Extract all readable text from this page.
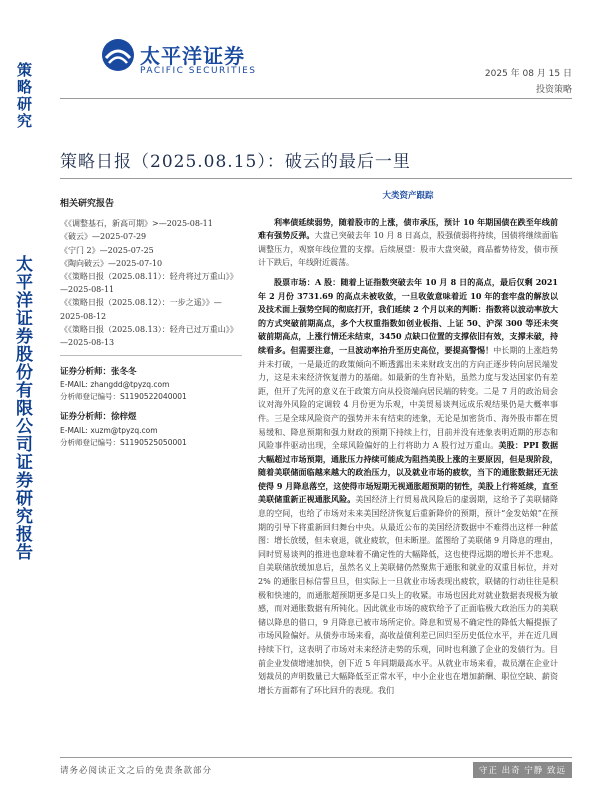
策略研究
太平洋证券股份有限公司证券研究报告
太平洋证券
PACIFIC SECURITIES	2025 年 08 月 15 日
投资策略
策略日报（2025.08.15）：破云的最后一里
相关研究报告
《《调整基石，新高可期》>—2025-08-11
《破云》—2025-07-29
《宁门 2》—2025-07-25
《陶向破云》—2025-07-10
《《策略日报（2025.08.11）：轻舟将过万重山》》—2025-08-11
《《策略日报（2025.08.12）：一步之遥》》—2025-08-12
《《策略日报（2025.08.13）：轻舟已过万重山》》—2025-08-13
证券分析师：张冬冬
E-MAIL: zhangdd@tpyzq.com
分析师登记编号：S1190522040001
证券分析师：徐梓煜
E-MAIL: xuzm@tpyzq.com
分析师登记编号：S1190525050001
大类资产跟踪

利率债延续弱势，随着股市的上涨，债市承压，预计 10 年期国债在跌至年线前难有强势反弹。大盘已突破去年 10 月 8 日高点，股强债弱将持续，国债将继续面临调整压力，观察年线位置的支撑。后续展望：股市大盘突破，商品蓄势待发，债市预计下跌后，年线附近震荡。

股票市场：A 股：随着上证指数突破去年 10 月 8 日的高点，最后仅剩 2021 年 2 月份 3731.69 的高点未被收敛，一旦收敛意味着近 10 年的套牢盘的解放以及技术面上强势空间的彻底打开，我们延续 2 个月以来的判断：指数将以波动率放大的方式突破前期高点，多个大权重指数如创业板指、上证 50、沪深 300 等还未突破前期高点，上涨行情还未结束，3450 点缺口位置的支撑依旧有效，支撑未破，持续看多。但需要注意，一旦波动率抬升至历史高位，要提高警惕！中长期的上涨趋势并未打破，一是最近的政策倾向不断透露出未来财政支出的方向正逐步转向居民端发力，这是未来经济恢复潜力的基础。如最新的生育补贴，虽然力度与发达国家仍有差距，但开了先河的意义在于政策方向从投资端向居民端的转变。二是 7 月的政治局会议对海外风险的定调较 4 月份更为乐观，中美贸易谈判远成乐观结果仍是大概率事件。三是全球风险资产的强势并未有结束的迹象，无论是加密货币、海外股市都在贸易缓和、降息预期和强力财政的预期下持续上行，目前并没有迹象表明近期的形态和风险事件驱动出现，全球风险偏好的上行将助力 A 股行过万重山。美股：PPI 数据大幅超过市场预期，通胀压力持续可能成为阻挡美股上涨的主要原因，但是现阶段，随着美联储面临越来越大的政治压力，以及就业市场的疲软，当下的通胀数据还无法使得 9 月降息落空，这使得市场短期无视通胀超预期的韧性，美股上行将延续，直至美联储重新正视通胀风险。美国经济上行贸易战风险后的虚弱期，这给予了美联储降息的空间，也给了市场对未来美国经济恢复后重新降价的预期，预计“金发姑娘”在预期的引导下将重新回归舞台中央。从最近公布的美国经济数据中不难得出这样一种蓝图：增长放缓，但未衰退，就业疲软，但未断崖。蓝图给了美联储 9 月降息的理由，同时贸易谈判的推进也意味着不确定性的大幅降低，这也使得远期的增长并不悲观。自美联储放缓加息后，虽然名义上美联储仍然聚焦于通胀和就业的双重目标位，并对 2% 的通胀目标信誓旦旦，但实际上一旦就业市场表现出疲软，联储的行动往往是积极和快速的，而通胀超预期更多是口头上的收紧。市场也因此对就业数据表现极为敏感，而对通胀数据有所钝化。因此就业市场的疲软给予了正面临极大政治压力的美联储以降息的借口，9 月降息已被市场所定价。降息和贸易不确定性的降低大幅提振了市场风险偏好。从债券市场来看，高收益债利差已回归至历史低位水平，并在近几周持续下行，这表明了市场对未来经济走势的乐观，同时也利激了企业的发债行为。目前企业发债增速加快，创下近 5 年同期最高水平。从就业市场来看，裁员潮在企业计划裁员的声明数量已大幅降低至正常水平，中小企业也在增加薪酬、职位空缺、薪资增长方面都有了环比回升的表现。我们

请务必阅读正文之后的免责条款部分	守正 出奇 宁静 致远
